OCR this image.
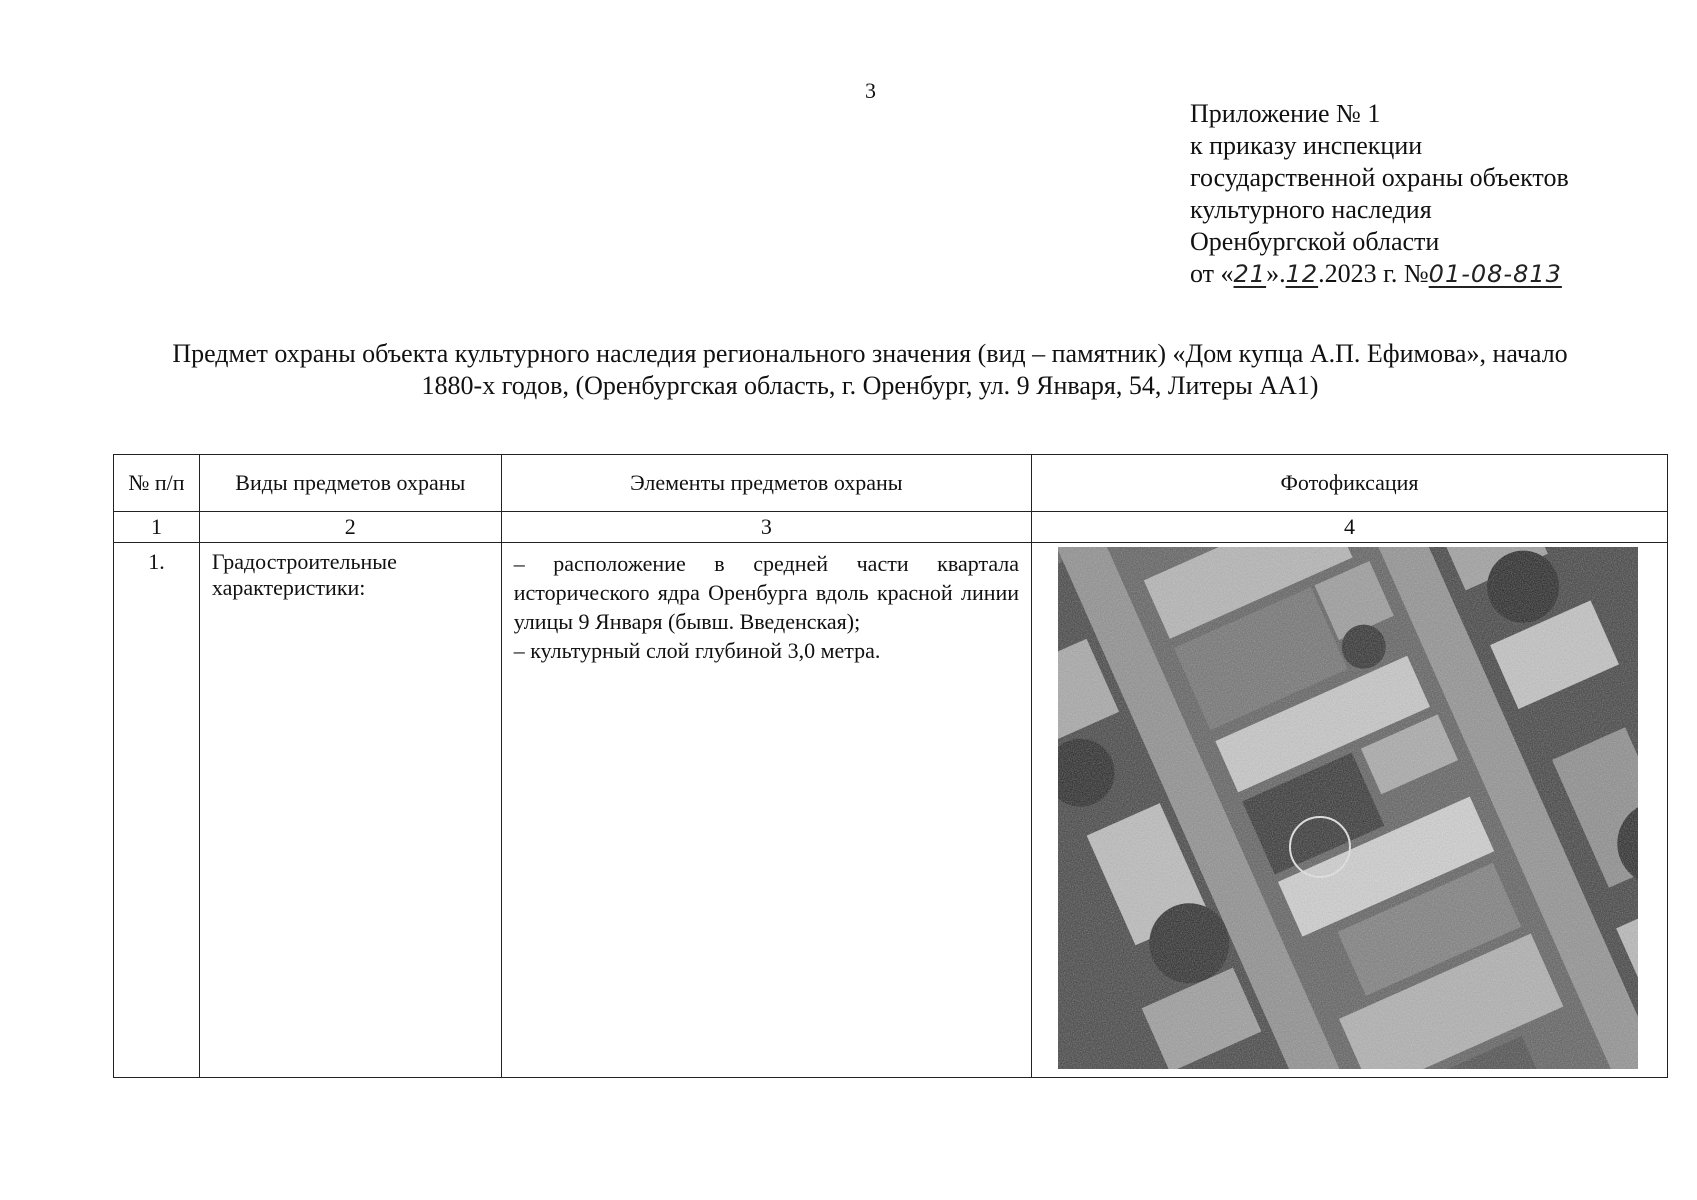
3
Приложение № 1
к приказу инспекции
государственной охраны объектов
культурного наследия
Оренбургской области
от «21».12.2023 г. №01-08-813
Предмет охраны объекта культурного наследия регионального значения (вид – памятник) «Дом купца А.П. Ефимова», начало
1880-х годов, (Оренбургская область, г. Оренбург, ул. 9 Января, 54, Литеры АА1)
№ п/п	Виды предметов охраны	Элементы предметов охраны	Фотофиксация
1	2	3	4
1.	Градостроительные характеристики:	– расположение в средней части квартала исторического ядра Оренбурга вдоль красной линии улицы 9 Января (бывш. Введенская);
– культурный слой глубиной 3,0 метра.
